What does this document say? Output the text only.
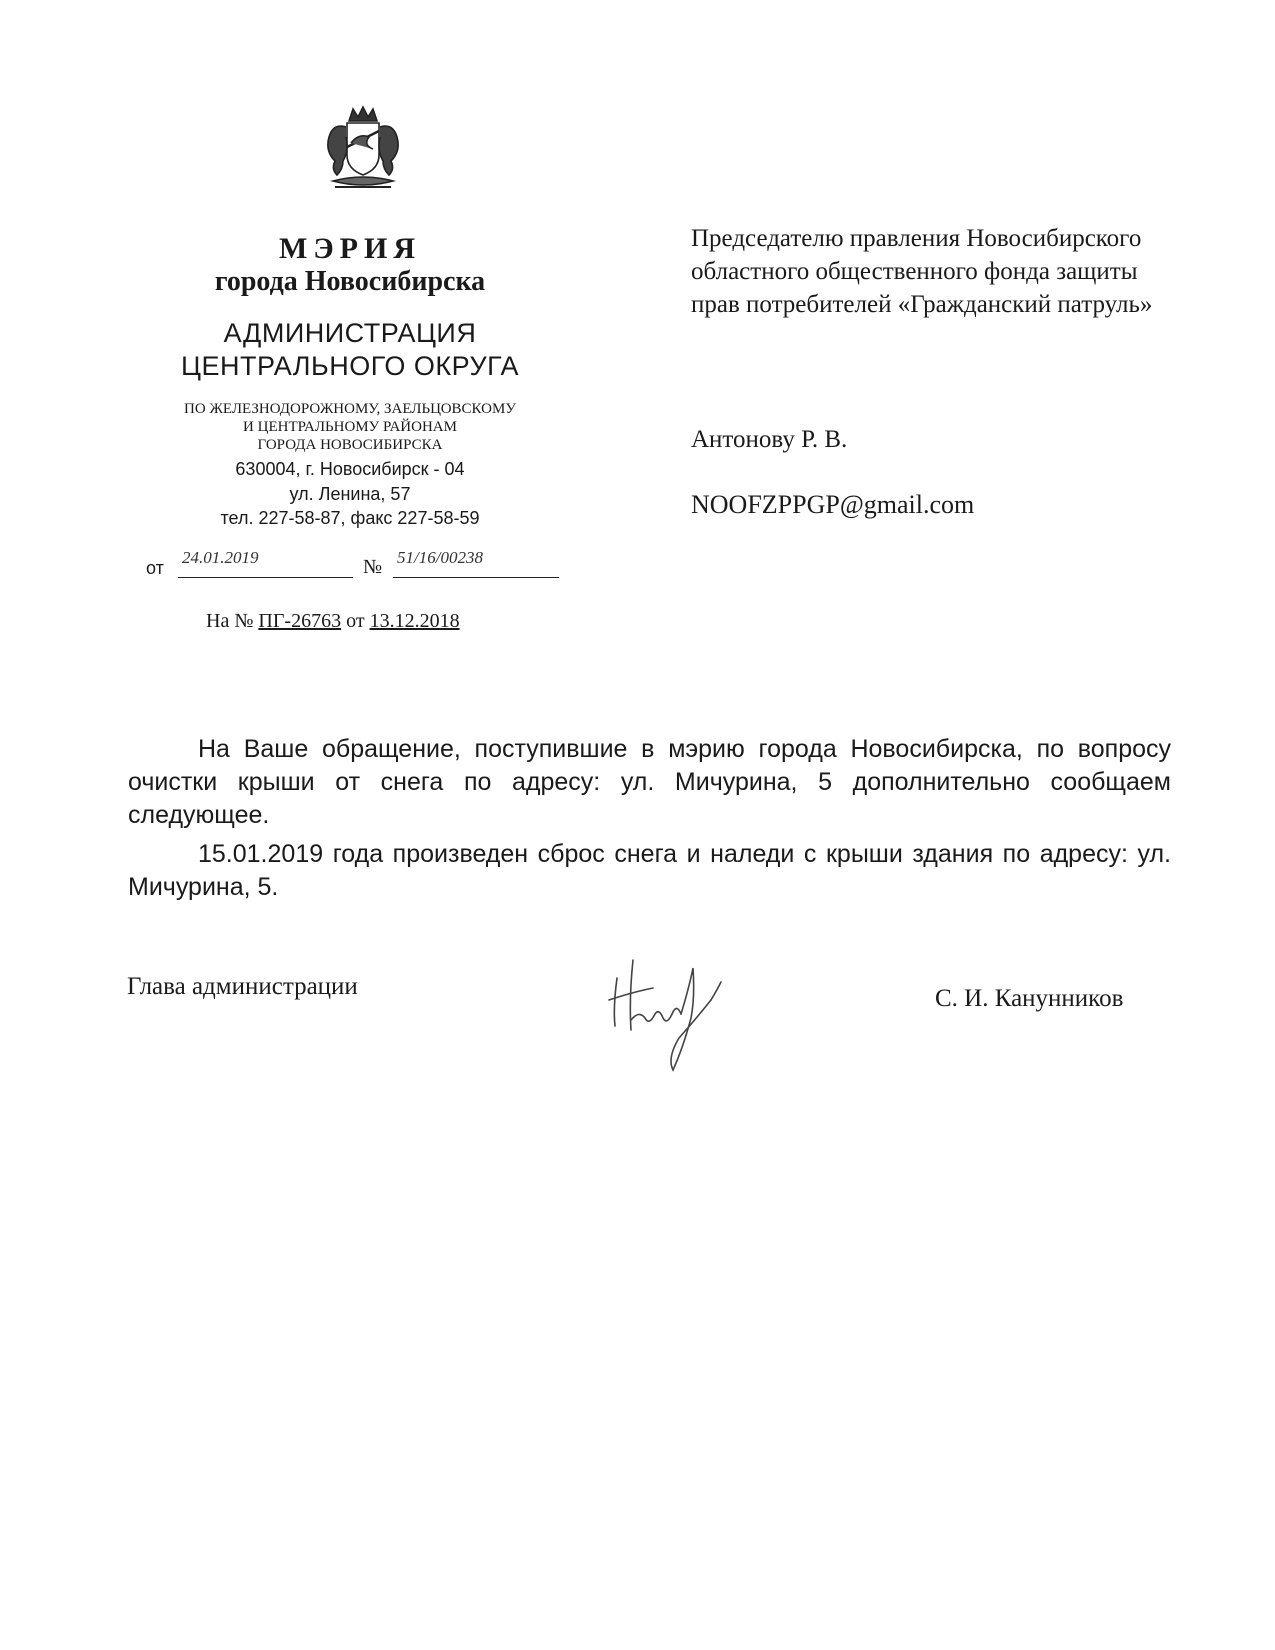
МЭРИЯ
города Новосибирска
АДМИНИСТРАЦИЯ
ЦЕНТРАЛЬНОГО ОКРУГА
ПО ЖЕЛЕЗНОДОРОЖНОМУ, ЗАЕЛЬЦОВСКОМУ
И ЦЕНТРАЛЬНОМУ РАЙОНАМ
ГОРОДА НОВОСИБИРСКА
630004, г. Новосибирск - 04
ул. Ленина, 57
тел. 227-58-87, факс 227-58-59
от
24.01.2019	№ 51/16/00238
На № ПГ-26763 от 13.12.2018
Председателю правления Новосибирского областного общественного фонда защиты прав потребителей «Гражданский патруль»
Антонову Р. В.
NOOFZPPGP@gmail.com
На Ваше обращение, поступившие в мэрию города Новосибирска, по вопросу очистки крыши от снега по адресу: ул. Мичурина, 5 дополнительно сообщаем следующее.
15.01.2019 года произведен сброс снега и наледи с крыши здания по адресу: ул. Мичурина, 5.
Глава администрации	С. И. Канунников
